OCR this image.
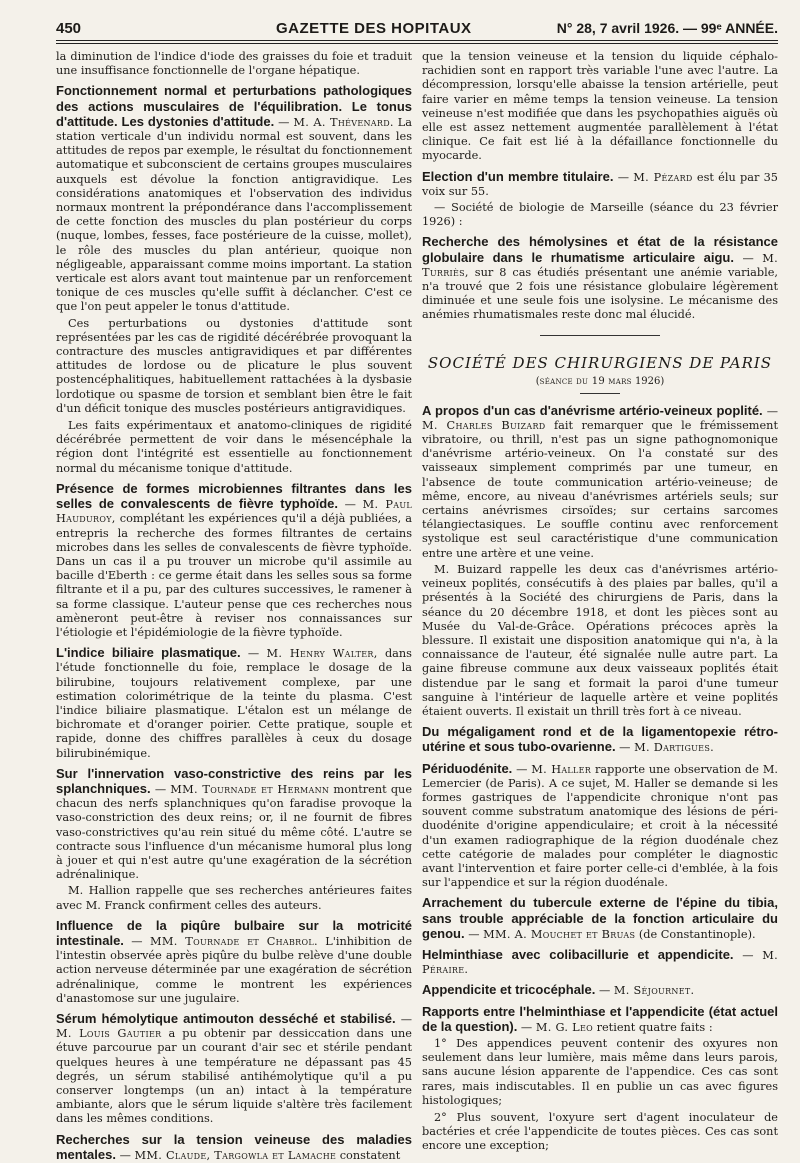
450	GAZETTE DES HOPITAUX	N° 28, 7 avril 1926. — 99ᵉ ANNÉE.

la diminution de l'indice d'iode des graisses du foie et traduit une insuffisance fonctionnelle de l'organe hépatique.

Fonctionnement normal et perturbations pathologiques des actions musculaires de l'équilibration. Le tonus d'attitude. Les dystonies d'attitude. — M. A. Thévenard. La station verticale d'un individu normal est souvent, dans les attitudes de repos par exemple, le résultat du fonctionnement automatique et subconscient de certains groupes musculaires auxquels est dévolue la fonction antigravidique. Les considérations anatomiques et l'observation des individus normaux montrent la prépondérance dans l'accomplissement de cette fonction des muscles du plan postérieur du corps (nuque, lombes, fesses, face postérieure de la cuisse, mollet), le rôle des muscles du plan antérieur, quoique non négligeable, apparaissant comme moins important. La station verticale est alors avant tout maintenue par un renforcement tonique de ces muscles qu'elle suffit à déclancher. C'est ce que l'on peut appeler le tonus d'attitude.

Ces perturbations ou dystonies d'attitude sont représentées par les cas de rigidité décérébrée provoquant la contracture des muscles antigravidiques et par différentes attitudes de lordose ou de plicature le plus souvent postencéphalitiques, habituellement rattachées à la dysbasie lordotique ou spasme de torsion et semblant bien être le fait d'un déficit tonique des muscles postérieurs antigravidiques.

Les faits expérimentaux et anatomo-cliniques de rigidité décérébrée permettent de voir dans le mésencéphale la région dont l'intégrité est essentielle au fonctionnement normal du mécanisme tonique d'attitude.

Présence de formes microbiennes filtrantes dans les selles de convalescents de fièvre typhoïde. — M. Paul Hauduroy, complétant les expériences qu'il a déjà publiées, a entrepris la recherche des formes filtrantes de certains microbes dans les selles de convalescents de fièvre typhoïde. Dans un cas il a pu trouver un microbe qu'il assimile au bacille d'Eberth : ce germe était dans les selles sous sa forme filtrante et il a pu, par des cultures successives, le ramener à sa forme classique. L'auteur pense que ces recherches nous amèneront peut-être à reviser nos connaissances sur l'étiologie et l'épidémiologie de la fièvre typhoïde.
L'indice biliaire plasmatique. — M. Henry Walter, dans l'étude fonctionnelle du foie, remplace le dosage de la bilirubine, toujours relativement complexe, par une estimation colorimétrique de la teinte du plasma. C'est l'indice biliaire plasmatique. L'étalon est un mélange de bichromate et d'oranger poirier. Cette pratique, souple et rapide, donne des chiffres parallèles à ceux du dosage bilirubinémique.
Sur l'innervation vaso-constrictive des reins par les splanchniques. — MM. Tournade et Hermann montrent que chacun des nerfs splanchniques qu'on faradise provoque la vaso-constriction des deux reins; or, il ne fournit de fibres vaso-constrictives qu'au rein situé du même côté. L'autre se contracte sous l'influence d'un mécanisme humoral plus long à jouer et qui n'est autre qu'une exagération de la sécrétion adrénalinique.

M. Hallion rappelle que ses recherches antérieures faites avec M. Franck confirment celles des auteurs.

Influence de la piqûre bulbaire sur la motricité intestinale. — MM. Tournade et Chabrol. L'inhibition de l'intestin observée après piqûre du bulbe relève d'une double action nerveuse déterminée par une exagération de sécrétion adrénalinique, comme le montrent les expériences d'anastomose sur une jugulaire.
Sérum hémolytique antimouton desséché et stabilisé. — M. Louis Gautier a pu obtenir par dessiccation dans une étuve parcourue par un courant d'air sec et stérile pendant quelques heures à une température ne dépassant pas 45 degrés, un sérum stabilisé antihémolytique qu'il a pu conserver longtemps (un an) intact à la température ambiante, alors que le sérum liquide s'altère très facilement dans les mêmes conditions.
Recherches sur la tension veineuse des maladies mentales. — MM. Claude, Targowla et Lamache constatent

que la tension veineuse et la tension du liquide céphalo-rachidien sont en rapport très variable l'une avec l'autre. La décompression, lorsqu'elle abaisse la tension artérielle, peut faire varier en même temps la tension veineuse. La tension veineuse n'est modifiée que dans les psychopathies aiguës où elle est assez nettement augmentée parallèlement à l'état clinique. Ce fait est lié à la défaillance fonctionnelle du myocarde.

Election d'un membre titulaire. — M. Pézard est élu par 35 voix sur 55.

— Société de biologie de Marseille (séance du 23 février 1926) :

Recherche des hémolysines et état de la résistance globulaire dans le rhumatisme articulaire aigu. — M. Turriès, sur 8 cas étudiés présentant une anémie variable, n'a trouvé que 2 fois une résistance globulaire légèrement diminuée et une seule fois une isolysine. Le mécanisme des anémies rhumatismales reste donc mal élucidé.
SOCIÉTÉ DES CHIRURGIENS DE PARIS
(séance du 19 mars 1926)
A propos d'un cas d'anévrisme artério-veineux poplité. — M. Charles Buizard fait remarquer que le frémissement vibratoire, ou thrill, n'est pas un signe pathognomonique d'anévrisme artério-veineux. On l'a constaté sur des vaisseaux simplement comprimés par une tumeur, en l'absence de toute communication artério-veineuse; de même, encore, au niveau d'anévrismes artériels seuls; sur certains anévrismes cirsoïdes; sur certains sarcomes télangiectasiques. Le souffle continu avec renforcement systolique est seul caractéristique d'une communication entre une artère et une veine.

M. Buizard rappelle les deux cas d'anévrismes artério-veineux poplités, consécutifs à des plaies par balles, qu'il a présentés à la Société des chirurgiens de Paris, dans la séance du 20 décembre 1918, et dont les pièces sont au Musée du Val-de-Grâce. Opérations précoces après la blessure. Il existait une disposition anatomique qui n'a, à la connaissance de l'auteur, été signalée nulle autre part. La gaine fibreuse commune aux deux vaisseaux poplités était distendue par le sang et formait la paroi d'une tumeur sanguine à l'intérieur de laquelle artère et veine poplités étaient ouverts. Il existait un thrill très fort à ce niveau.

Du mégaligament rond et de la ligamentopexie rétro-utérine et sous tubo-ovarienne. — M. Dartigues.
Périduodénite. — M. Haller rapporte une observation de M. Lemercier (de Paris). A ce sujet, M. Haller se demande si les formes gastriques de l'appendicite chronique n'ont pas souvent comme substratum anatomique des lésions de péri-duodénite d'origine appendiculaire; et croit à la nécessité d'un examen radiographique de la région duodénale chez cette catégorie de malades pour compléter le diagnostic avant l'intervention et faire porter celle-ci d'emblée, à la fois sur l'appendice et sur la région duodénale.
Arrachement du tubercule externe de l'épine du tibia, sans trouble appréciable de la fonction articulaire du genou. — MM. A. Mouchet et Bruas (de Constantinople).
Helminthiase avec colibacillurie et appendicite. — M. Péraire.
Appendicite et tricocéphale. — M. Séjournet.
Rapports entre l'helminthiase et l'appendicite (état actuel de la question). — M. G. Leo retient quatre faits :

1° Des appendices peuvent contenir des oxyures non seulement dans leur lumière, mais même dans leurs parois, sans aucune lésion apparente de l'appendice. Ces cas sont rares, mais indiscutables. Il en publie un cas avec figures histologiques;

2° Plus souvent, l'oxyure sert d'agent inoculateur de bactéries et crée l'appendicite de toutes pièces. Ces cas sont encore une exception;
